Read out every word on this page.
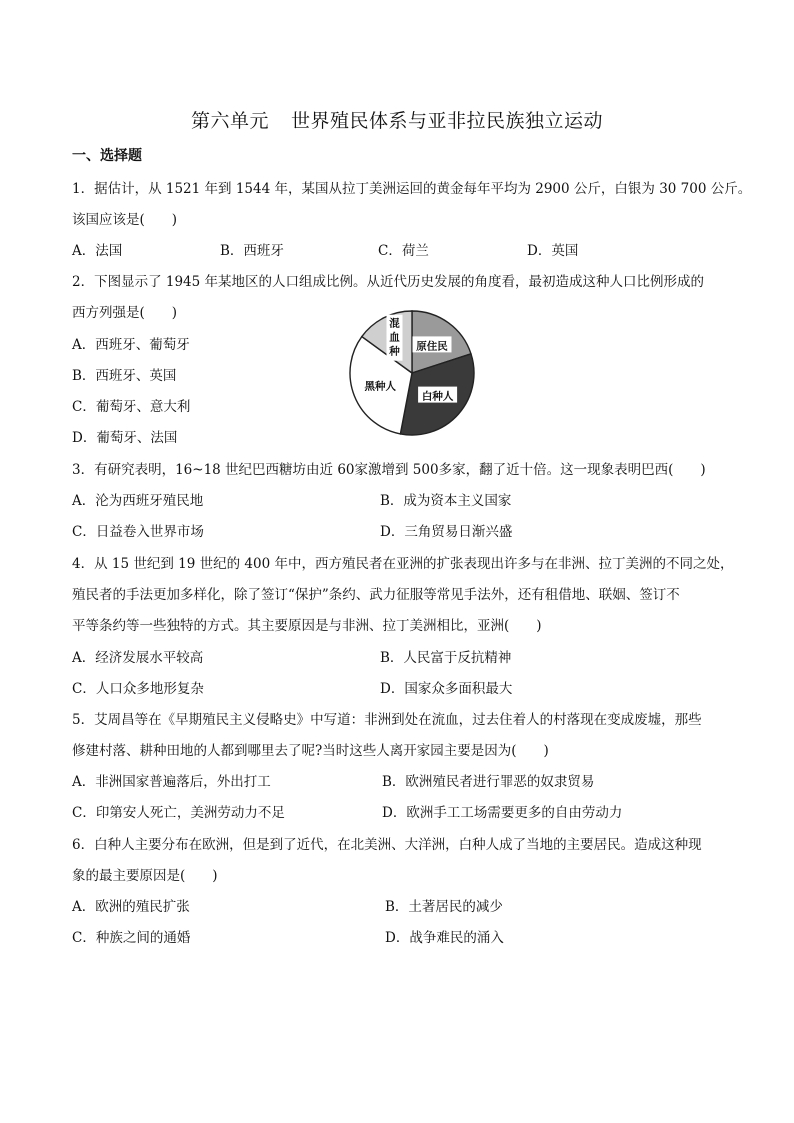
第六单元 世界殖民体系与亚非拉民族独立运动
一、选择题
1．据估计，从 1521 年到 1544 年，某国从拉丁美洲运回的黄金每年平均为 2900 公斤，白银为 30 700 公斤。
该国应该是(　　)
A．法国	B．西班牙	C．荷兰	D．英国
2．下图显示了 1945 年某地区的人口组成比例。从近代历史发展的角度看，最初造成这种人口比例形成的
西方列强是(　　)
A．西班牙、葡萄牙
B．西班牙、英国
C．葡萄牙、意大利
D．葡萄牙、法国
原住民
白种人
黑种人
混血种
3．有研究表明，16~18 世纪巴西糖坊由近 60家激增到 500多家，翻了近十倍。这一现象表明巴西(　　)
A．沦为西班牙殖民地	B．成为资本主义国家
C．日益卷入世界市场	D．三角贸易日渐兴盛
4．从 15 世纪到 19 世纪的 400 年中，西方殖民者在亚洲的扩张表现出许多与在非洲、拉丁美洲的不同之处，
殖民者的手法更加多样化，除了签订“保护”条约、武力征服等常见手法外，还有租借地、联姻、签订不
平等条约等一些独特的方式。其主要原因是与非洲、拉丁美洲相比，亚洲(　　)
A．经济发展水平较高	B．人民富于反抗精神
C．人口众多地形复杂	D．国家众多面积最大
5．艾周昌等在《早期殖民主义侵略史》中写道：非洲到处在流血，过去住着人的村落现在变成废墟，那些
修建村落、耕种田地的人都到哪里去了呢?当时这些人离开家园主要是因为(　　)
A．非洲国家普遍落后，外出打工	B．欧洲殖民者进行罪恶的奴隶贸易
C．印第安人死亡，美洲劳动力不足	D．欧洲手工工场需要更多的自由劳动力
6．白种人主要分布在欧洲，但是到了近代，在北美洲、大洋洲，白种人成了当地的主要居民。造成这种现
象的最主要原因是(　　)
A．欧洲的殖民扩张	B．土著居民的减少
C．种族之间的通婚	D．战争难民的涌入
